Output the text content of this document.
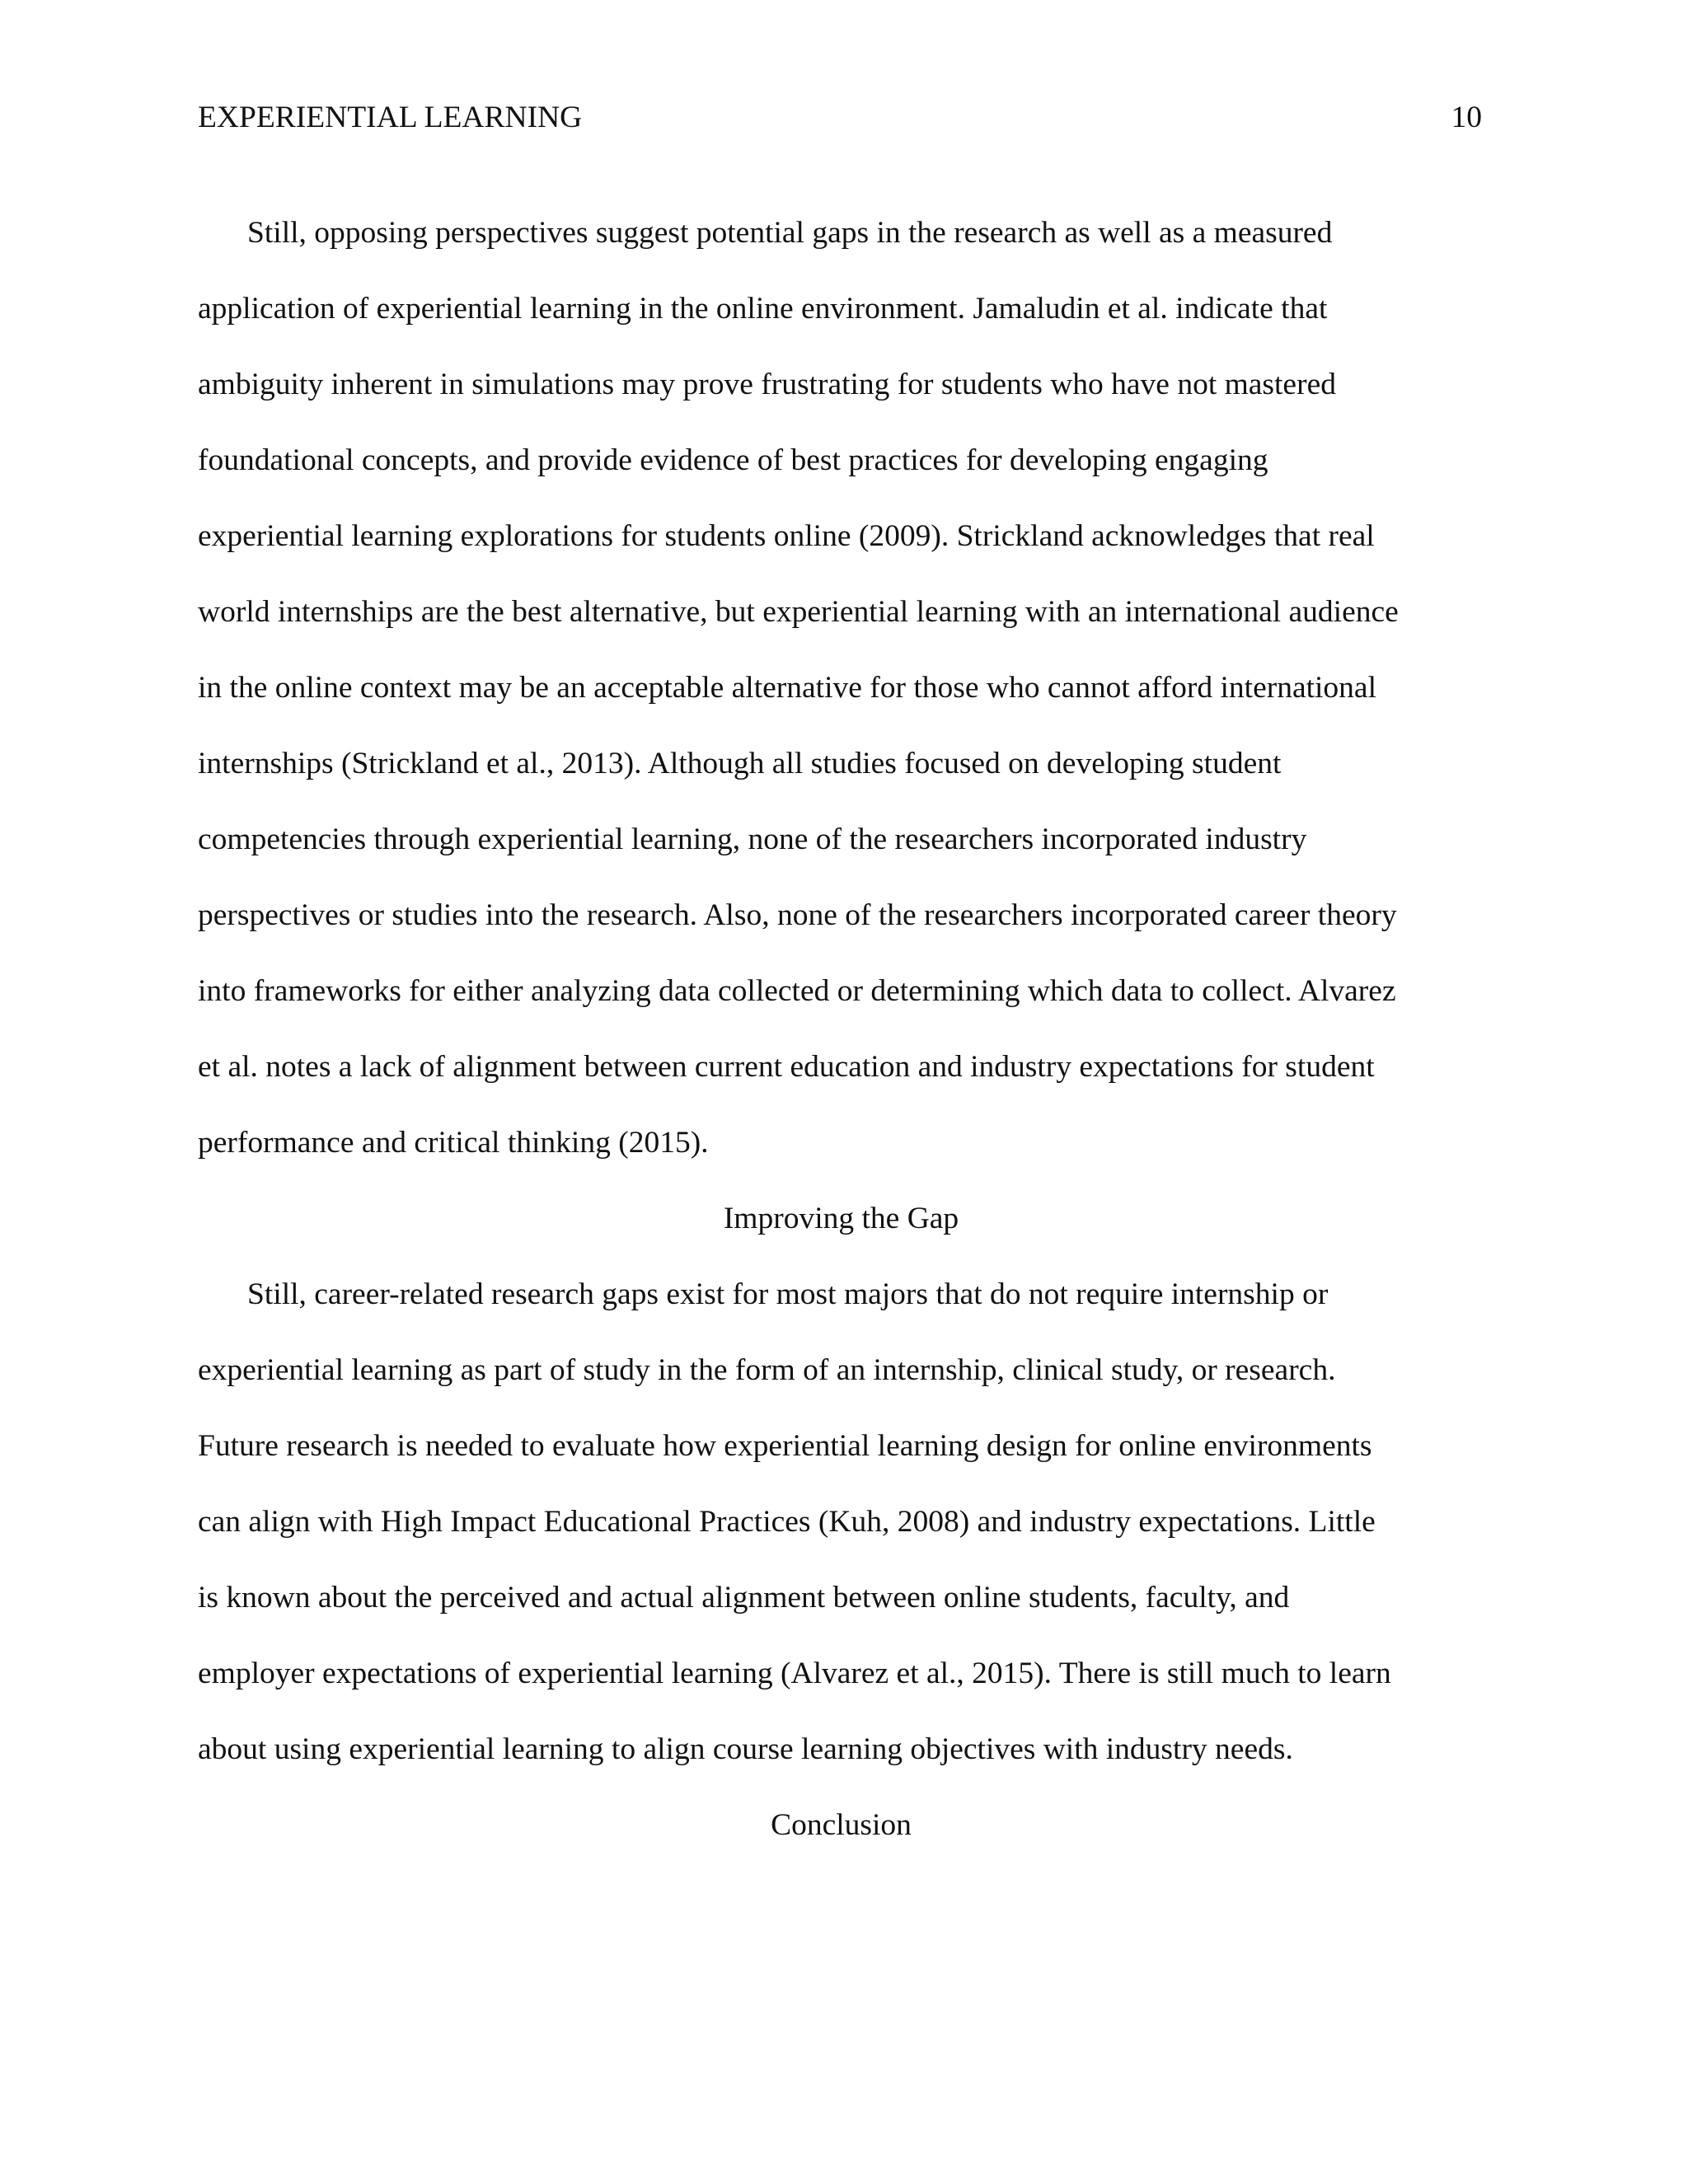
EXPERIENTIAL LEARNING	10
Still, opposing perspectives suggest potential gaps in the research as well as a measured
application of experiential learning in the online environment. Jamaludin et al. indicate that
ambiguity inherent in simulations may prove frustrating for students who have not mastered
foundational concepts, and provide evidence of best practices for developing engaging
experiential learning explorations for students online (2009). Strickland acknowledges that real
world internships are the best alternative, but experiential learning with an international audience
in the online context may be an acceptable alternative for those who cannot afford international
internships (Strickland et al., 2013). Although all studies focused on developing student
competencies through experiential learning, none of the researchers incorporated industry
perspectives or studies into the research. Also, none of the researchers incorporated career theory
into frameworks for either analyzing data collected or determining which data to collect. Alvarez
et al. notes a lack of alignment between current education and industry expectations for student
performance and critical thinking (2015).
Improving the Gap
Still, career-related research gaps exist for most majors that do not require internship or
experiential learning as part of study in the form of an internship, clinical study, or research.
Future research is needed to evaluate how experiential learning design for online environments
can align with High Impact Educational Practices (Kuh, 2008) and industry expectations. Little
is known about the perceived and actual alignment between online students, faculty, and
employer expectations of experiential learning (Alvarez et al., 2015). There is still much to learn
about using experiential learning to align course learning objectives with industry needs.
Conclusion
